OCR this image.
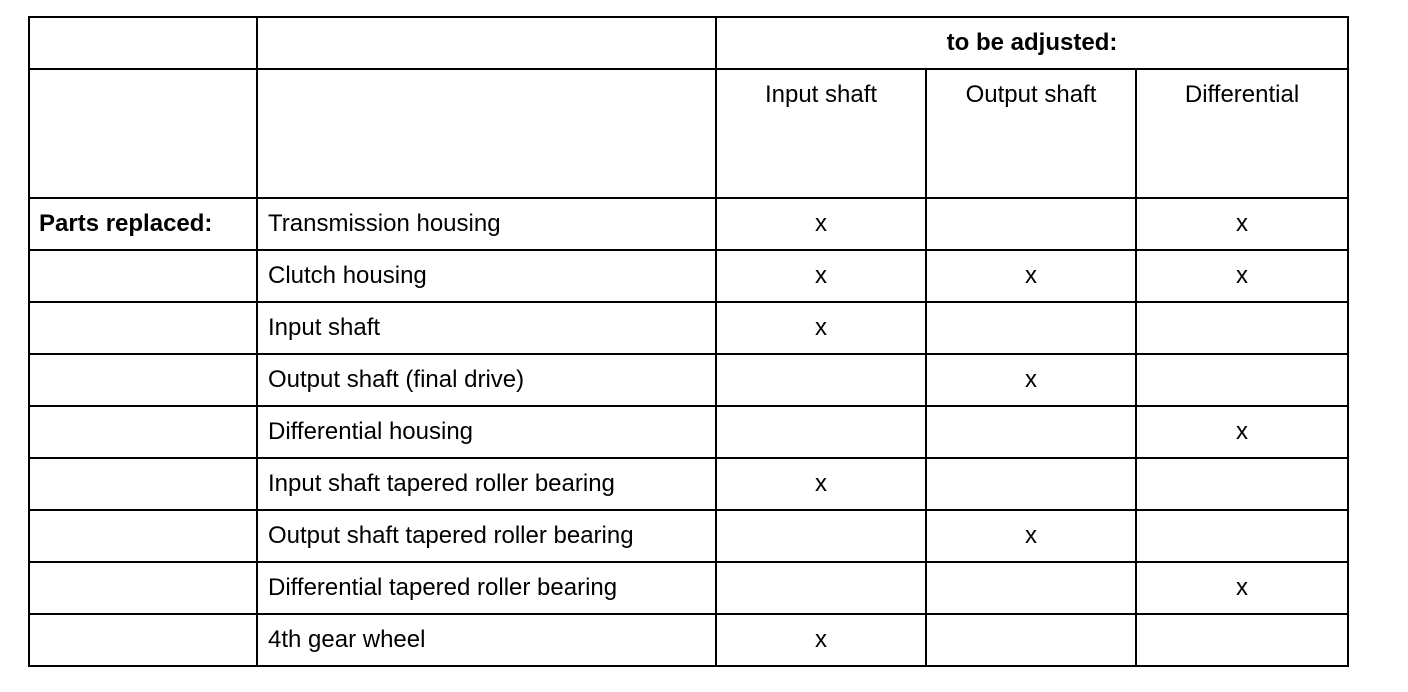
		to be adjusted:		
		Input shaft	Output shaft	Differential
Parts replaced:	Transmission housing	x		x
	Clutch housing	x	x	x
	Input shaft	x		
	Output shaft (final drive)		x	
	Differential housing			x
	Input shaft tapered roller bearing	x		
	Output shaft tapered roller bearing		x	
	Differential tapered roller bearing			x
	4th gear wheel	x		
